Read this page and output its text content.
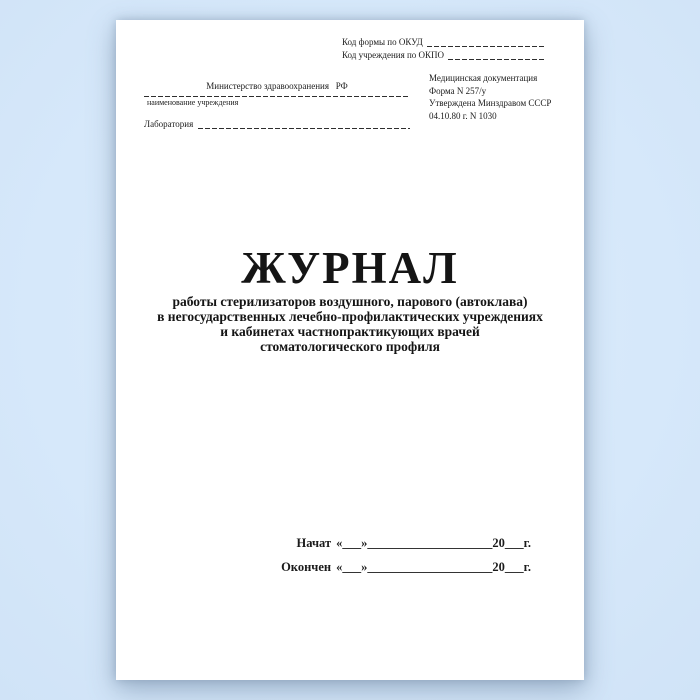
Код формы по ОКУД
Код учреждения по ОКПО
Министерство здравоохранения   РФ
наименование учреждения
Лаборатория
Медицинская документация
Форма N 257/у
Утверждена Минздравом СССР
04.10.80 г. N 1030
ЖУРНАЛ
работы стерилизаторов воздушного, парового (автоклава)
в негосударственных лечебно-профилактических учреждениях
и кабинетах частнопрактикующих врачей
стоматологического профиля
Начат «___»____________________20___г.
Окончен «___»____________________20___г.
